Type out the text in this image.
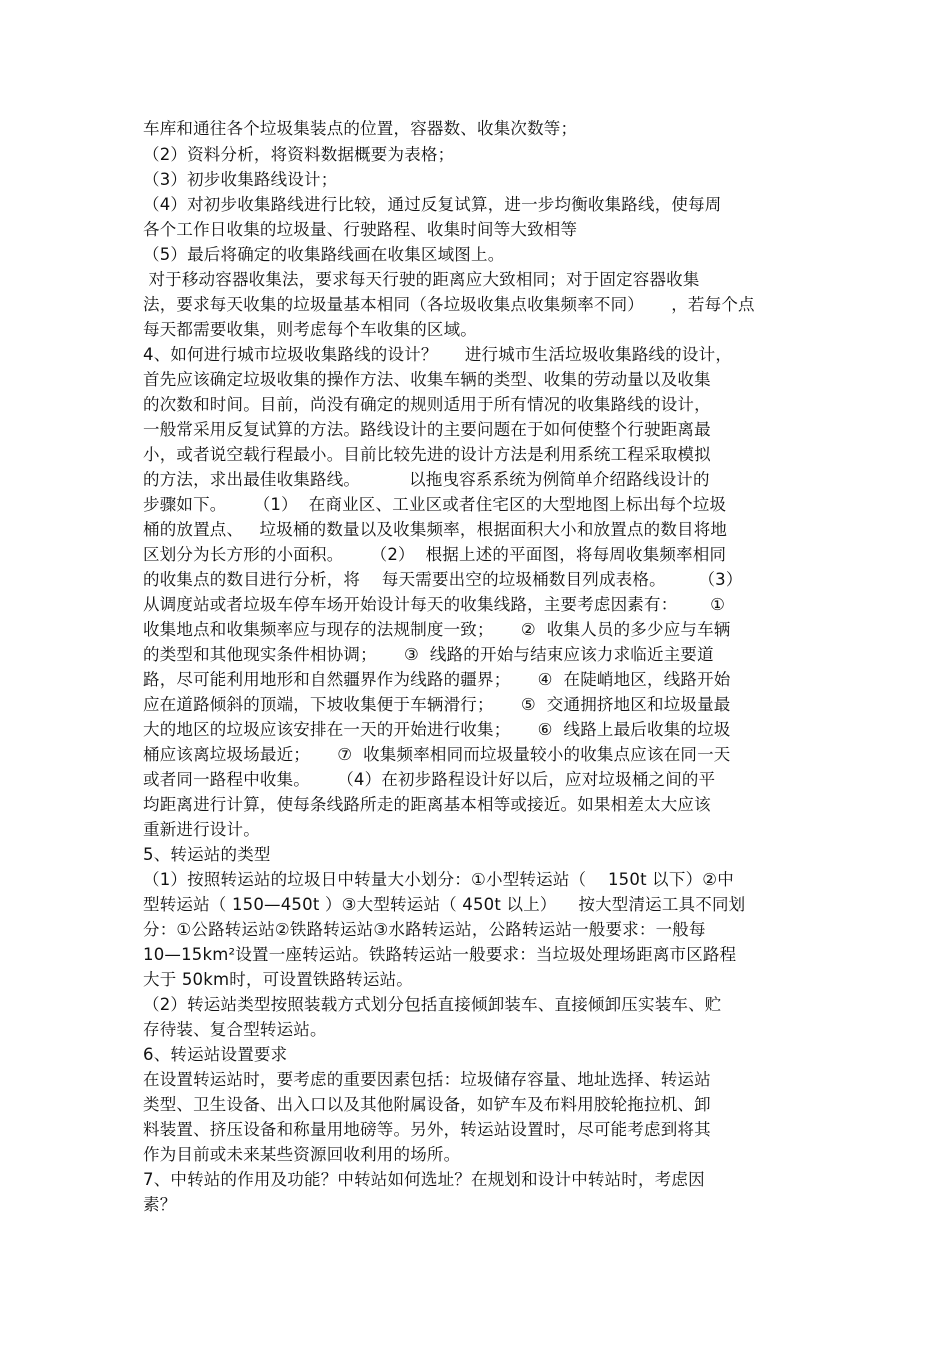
车库和通往各个垃圾集装点的位置，容器数、收集次数等；
（2）资料分析，将资料数据概要为表格；
（3）初步收集路线设计；
（4）对初步收集路线进行比较，通过反复试算，进一步均衡收集路线，使每周
各个工作日收集的垃圾量、行驶路程、收集时间等大致相等
（5）最后将确定的收集路线画在收集区域图上。
对于移动容器收集法，要求每天行驶的距离应大致相同；对于固定容器收集
法，要求每天收集的垃圾量基本相同（各垃圾收集点收集频率不同）     ，若每个点
每天都需要收集，则考虑每个车收集的区域。
4、如何进行城市垃圾收集路线的设计？     进行城市生活垃圾收集路线的设计，
首先应该确定垃圾收集的操作方法、收集车辆的类型、收集的劳动量以及收集
的次数和时间。目前，尚没有确定的规则适用于所有情况的收集路线的设计，
一般常采用反复试算的方法。路线设计的主要问题在于如何使整个行驶距离最
小，或者说空载行程最小。目前比较先进的设计方法是利用系统工程采取模拟
的方法，求出最佳收集路线。         以拖曳容系系统为例简单介绍路线设计的
步骤如下。     （1）  在商业区、工业区或者住宅区的大型地图上标出每个垃圾
桶的放置点、   垃圾桶的数量以及收集频率，根据面积大小和放置点的数目将地
区划分为长方形的小面积。     （2）  根据上述的平面图，将每周收集频率相同
的收集点的数目进行分析，将    每天需要出空的垃圾桶数目列成表格。      （3）
从调度站或者垃圾车停车场开始设计每天的收集线路，主要考虑因素有：      ①
收集地点和收集频率应与现存的法规制度一致；     ②  收集人员的多少应与车辆
的类型和其他现实条件相协调；     ③  线路的开始与结束应该力求临近主要道
路，尽可能利用地形和自然疆界作为线路的疆界；     ④  在陡峭地区，线路开始
应在道路倾斜的顶端，下坡收集便于车辆滑行；     ⑤  交通拥挤地区和垃圾量最
大的地区的垃圾应该安排在一天的开始进行收集；     ⑥  线路上最后收集的垃圾
桶应该离垃圾场最近；     ⑦  收集频率相同而垃圾量较小的收集点应该在同一天
或者同一路程中收集。     （4）在初步路程设计好以后，应对垃圾桶之间的平
均距离进行计算，使每条线路所走的距离基本相等或接近。如果相差太大应该
重新进行设计。
5、转运站的类型
（1）按照转运站的垃圾日中转量大小划分：①小型转运站（    150t 以下）②中
型转运站（ 150—450t ）③大型转运站（ 450t 以上）    按大型清运工具不同划
分：①公路转运站②铁路转运站③水路转运站，公路转运站一般要求：一般每
10—15km²设置一座转运站。铁路转运站一般要求：当垃圾处理场距离市区路程
大于 50km时，可设置铁路转运站。
（2）转运站类型按照装载方式划分包括直接倾卸装车、直接倾卸压实装车、贮
存待装、复合型转运站。
6、转运站设置要求
在设置转运站时，要考虑的重要因素包括：垃圾储存容量、地址选择、转运站
类型、卫生设备、出入口以及其他附属设备，如铲车及布料用胶轮拖拉机、卸
料装置、挤压设备和称量用地磅等。另外，转运站设置时，尽可能考虑到将其
作为目前或未来某些资源回收利用的场所。
7、中转站的作用及功能？中转站如何选址？在规划和设计中转站时，考虑因
素？
